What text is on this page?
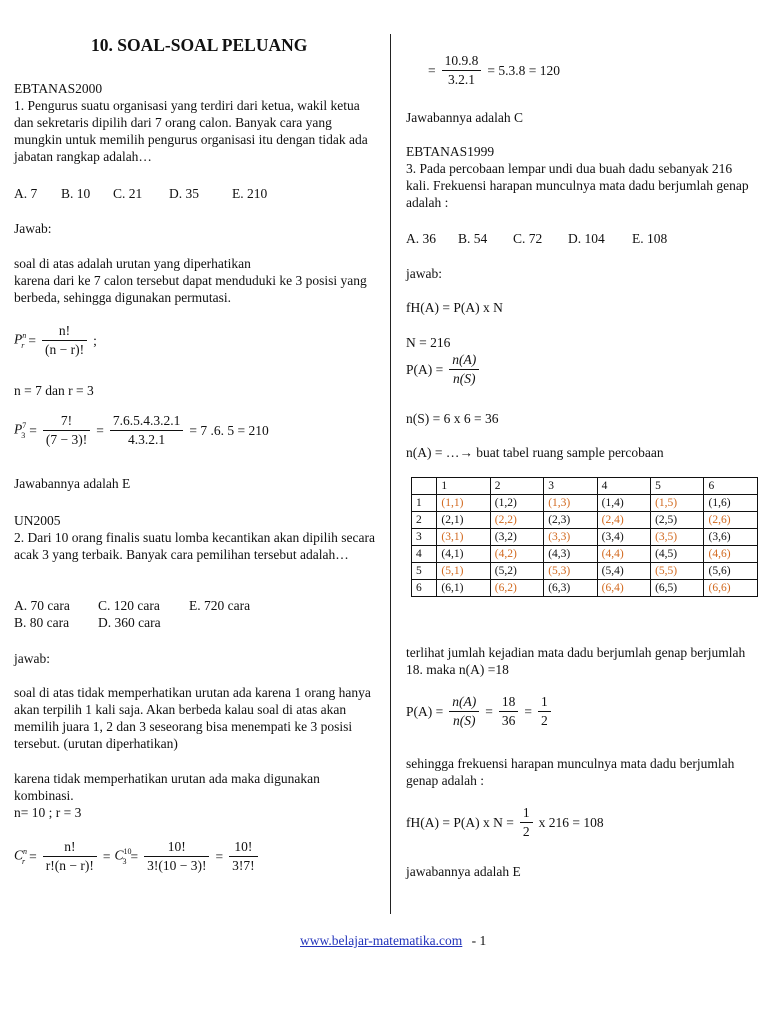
10. SOAL-SOAL PELUANG
EBTANAS2000
1. Pengurus suatu organisasi yang terdiri dari ketua, wakil ketua dan sekretaris dipilih dari 7 orang calon. Banyak cara yang mungkin untuk memilih pengurus organisasi itu dengan tidak ada jabatan rangkap adalah…
A. 7 B. 10 C. 21 D. 35 E. 210
Jawab:
soal di atas adalah urutan yang diperhatikan
karena dari ke 7 calon tersebut dapat menduduki ke 3 posisi yang berbeda, sehingga digunakan permutasi.
$P^n_r = \frac{n!}{(n - r)!}$ ;
n = 7 dan r = 3
$P^7_3 = \frac{7!}{(7 - 3)!} = \frac{7.6.5.4.3.2.1}{4.3.2.1} = 7$ .6. 5 = 210
Jawabannya adalah E
UN2005
2. Dari 10 orang finalis suatu lomba kecantikan akan dipilih secara acak 3 yang terbaik. Banyak cara pemilihan tersebut adalah…
A. 70 cara C. 120 cara E. 720 cara
B. 80 cara D. 360 cara
jawab:
soal di atas tidak memperhatikan urutan ada karena 1 orang hanya akan terpilih 1 kali saja. Akan berbeda kalau soal di atas akan memilih juara 1, 2 dan 3 seseorang bisa menempati ke 3 posisi tersebut. (urutan diperhatikan)
karena tidak memperhatikan urutan ada maka digunakan kombinasi.
n= 10 ; r = 3
$C^n_r = \frac{n!}{r!(n - r)!} = C^{10}_3 = \frac{10!}{3!(10 - 3)!} = \frac{10!}{3!7!}$
= $\frac{10.9.8}{3.2.1} = 5.3.8 = 120$
Jawabannya adalah C
EBTANAS1999
3. Pada percobaan lempar undi dua buah dadu sebanyak 216 kali. Frekuensi harapan munculnya mata dadu berjumlah genap adalah :
A. 36 B. 54 C. 72 D. 104 E. 108
jawab:
fH(A) = P(A) x N
N = 216
$P(A) = \frac{n(A)}{n(S)}$
n(S) = 6 x 6 = 36
n(A) = …→ buat tabel ruang sample percobaan
	1	2	3	4	5	6
1	(1,1)	(1,2)	(1,3)	(1,4)	(1,5)	(1,6)
2	(2,1)	(2,2)	(2,3)	(2,4)	(2,5)	(2,6)
3	(3,1)	(3,2)	(3,3)	(3,4)	(3,5)	(3,6)
4	(4,1)	(4,2)	(4,3)	(4,4)	(4,5)	(4,6)
5	(5,1)	(5,2)	(5,3)	(5,4)	(5,5)	(5,6)
6	(6,1)	(6,2)	(6,3)	(6,4)	(6,5)	(6,6)
terlihat jumlah kejadian mata dadu berjumlah genap berjumlah 18. maka n(A) =18
$P(A) = \frac{n(A)}{n(S)} = \frac{18}{36} = \frac{1}{2}$
sehingga frekuensi harapan munculnya mata dadu berjumlah genap adalah :
fH(A) = P(A) x $N = \frac{1}{2}$ x 216 = 108
jawabannya adalah E
www.belajar-matematika.com - 1
